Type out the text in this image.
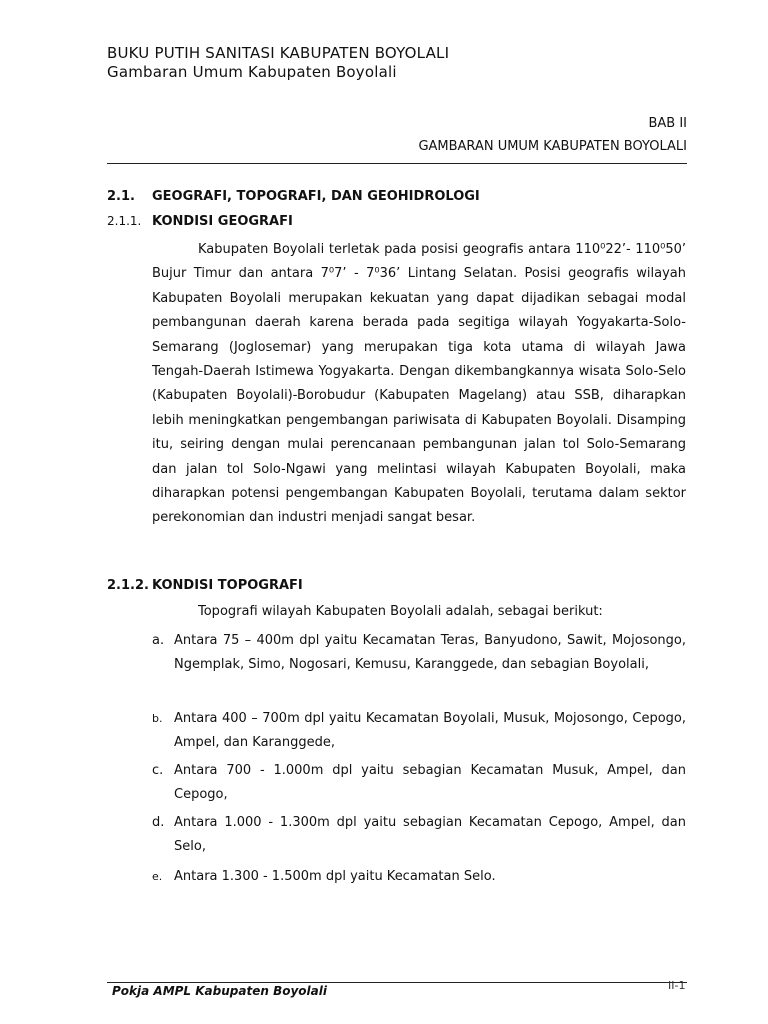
BUKU PUTIH SANITASI KABUPATEN BOYOLALI
Gambaran Umum Kabupaten Boyolali
BAB II
GAMBARAN UMUM KABUPATEN BOYOLALI
2.1. GEOGRAFI, TOPOGRAFI, DAN GEOHIDROLOGI
2.1.1. KONDISI GEOGRAFI
Kabupaten Boyolali terletak pada posisi geografis antara 110⁰22’- 110⁰50’ Bujur Timur dan antara 7⁰7’ - 7⁰36’ Lintang Selatan. Posisi geografis wilayah Kabupaten Boyolali merupakan kekuatan yang dapat dijadikan sebagai modal pembangunan daerah karena berada pada segitiga wilayah Yogyakarta-Solo-Semarang (Joglosemar) yang merupakan tiga kota utama di wilayah Jawa Tengah-Daerah Istimewa Yogyakarta. Dengan dikembangkannya wisata Solo-Selo (Kabupaten Boyolali)-Borobudur (Kabupaten Magelang) atau SSB, diharapkan lebih meningkatkan pengembangan pariwisata di Kabupaten Boyolali. Disamping itu, seiring dengan mulai perencanaan pembangunan jalan tol Solo-Semarang dan jalan tol Solo-Ngawi yang melintasi wilayah Kabupaten Boyolali, maka diharapkan potensi pengembangan Kabupaten Boyolali, terutama dalam sektor perekonomian dan industri menjadi sangat besar.
2.1.2. KONDISI TOPOGRAFI
Topografi wilayah Kabupaten Boyolali adalah, sebagai berikut:
a. Antara 75 – 400m dpl yaitu Kecamatan Teras, Banyudono, Sawit, Mojosongo, Ngemplak, Simo, Nogosari, Kemusu, Karanggede, dan sebagian Boyolali,
b. Antara 400 – 700m dpl yaitu Kecamatan Boyolali, Musuk, Mojosongo, Cepogo, Ampel, dan Karanggede,
c. Antara 700 - 1.000m dpl yaitu sebagian Kecamatan Musuk, Ampel, dan Cepogo,
d. Antara 1.000 - 1.300m dpl yaitu sebagian Kecamatan Cepogo, Ampel, dan Selo,
e. Antara 1.300 - 1.500m dpl yaitu Kecamatan Selo.
Pokja AMPL Kabupaten Boyolali	II-1
